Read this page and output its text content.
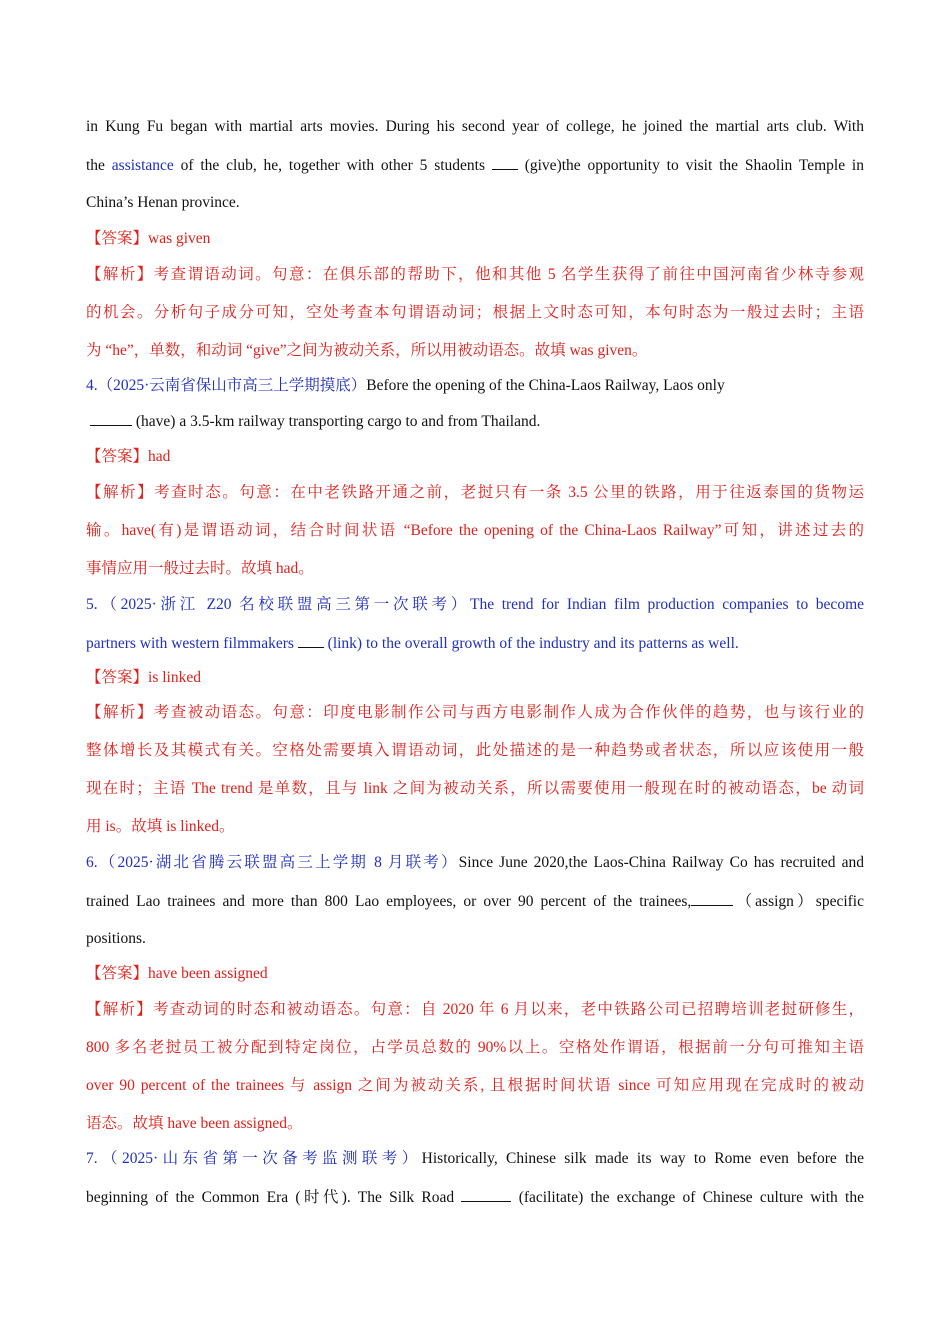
in Kung Fu began with martial arts movies. During his second year of college, he joined the martial arts club. With
the assistance of the club, he, together with other 5 students  (give)the opportunity to visit the Shaolin Temple in
China’s Henan province.
【答案】was given
【解析】考查谓语动词。句意：在俱乐部的帮助下，他和其他 5 名学生获得了前往中国河南省少林寺参观
的机会。分析句子成分可知，空处考查本句谓语动词；根据上文时态可知，本句时态为一般过去时；主语
为 “he”，单数，和动词 “give”之间为被动关系，所以用被动语态。故填 was given。
4.（2025·云南省保山市高三上学期摸底）Before the opening of the China-Laos Railway, Laos only
(have) a 3.5-km railway transporting cargo to and from Thailand.
【答案】had
【解析】考查时态。句意：在中老铁路开通之前，老挝只有一条 3.5 公里的铁路，用于往返泰国的货物运
输。have(有)是谓语动词，结合时间状语 “Before the opening of the China-Laos Railway”可知，讲述过去的
事情应用一般过去时。故填 had。
5.（2025·浙江 Z20 名校联盟高三第一次联考）The trend for Indian film production companies to become
partners with western filmmakers  (link) to the overall growth of the industry and its patterns as well.
【答案】is linked
【解析】考查被动语态。句意：印度电影制作公司与西方电影制作人成为合作伙伴的趋势，也与该行业的
整体增长及其模式有关。空格处需要填入谓语动词，此处描述的是一种趋势或者状态，所以应该使用一般
现在时；主语 The trend 是单数，且与 link 之间为被动关系，所以需要使用一般现在时的被动语态，be 动词
用 is。故填 is linked。
6.（2025·湖北省腾云联盟高三上学期 8 月联考）Since June 2020,the Laos-China Railway Co has recruited and
trained Lao trainees and more than 800 Lao employees, or over 90 percent of the trainees,	（assign）specific
positions.
【答案】have been assigned
【解析】考查动词的时态和被动语态。句意：自 2020 年 6 月以来，老中铁路公司已招聘培训老挝研修生，
800 多名老挝员工被分配到特定岗位，占学员总数的 90%以上。空格处作谓语，根据前一分句可推知主语
over 90 percent of the trainees 与 assign 之间为被动关系, 且根据时间状语 since 可知应用现在完成时的被动
语态。故填 have been assigned。
7.（2025·山东省第一次备考监测联考）Historically, Chinese silk made its way to Rome even before the
beginning of the Common Era (时代). The Silk Road	(facilitate) the exchange of Chinese culture with the
